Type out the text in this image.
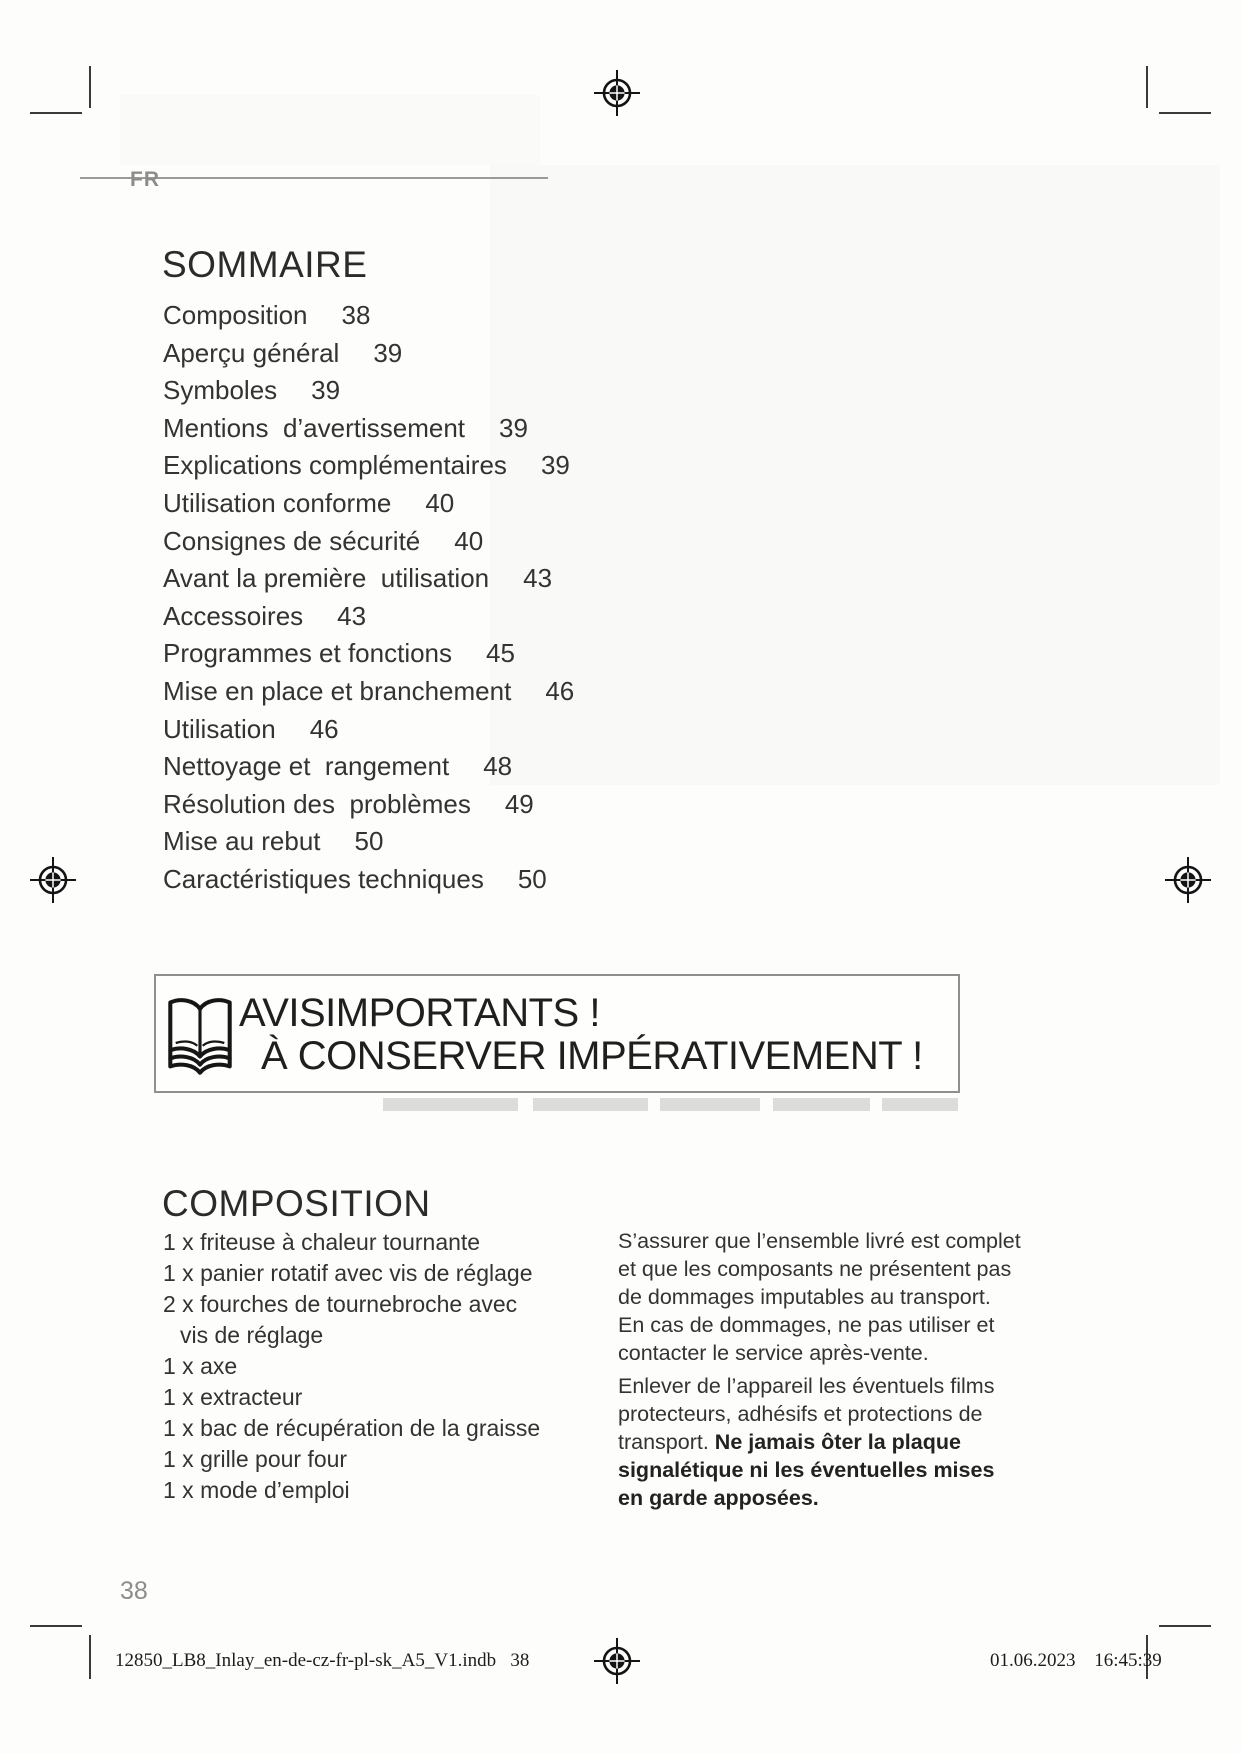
FR
SOMMAIRE
Composition 38
Aperçu général 39
Symboles 39
Mentions  d’avertissement 39
Explications complémentaires 39
Utilisation conforme 40
Consignes de sécurité 40
Avant la première  utilisation 43
Accessoires 43
Programmes et fonctions 45
Mise en place et branchement 46
Utilisation 46
Nettoyage et  rangement 48
Résolution des  problèmes 49
Mise au rebut 50
Caractéristiques techniques 50
AVISIMPORTANTS !
À CONSERVER IMPÉRATIVEMENT !
COMPOSITION
1 x friteuse à chaleur tournante
1 x panier rotatif avec vis de réglage
2 x fourches de tournebroche avec
vis de réglage
1 x axe
1 x extracteur
1 x bac de récupération de la graisse
1 x grille pour four
1 x mode d’emploi
S’assurer que l’ensemble livré est complet
et que les composants ne présentent pas
de dommages imputables au transport.
En cas de dommages, ne pas utiliser et
contacter le service après-vente.
Enlever de l’appareil les éventuels films
protecteurs, adhésifs et protections de
transport. Ne jamais ôter la plaque
signalétique ni les éventuelles mises
en garde apposées.
38
12850_LB8_Inlay_en-de-cz-fr-pl-sk_A5_V1.indb   38	01.06.2023 16:45:39
